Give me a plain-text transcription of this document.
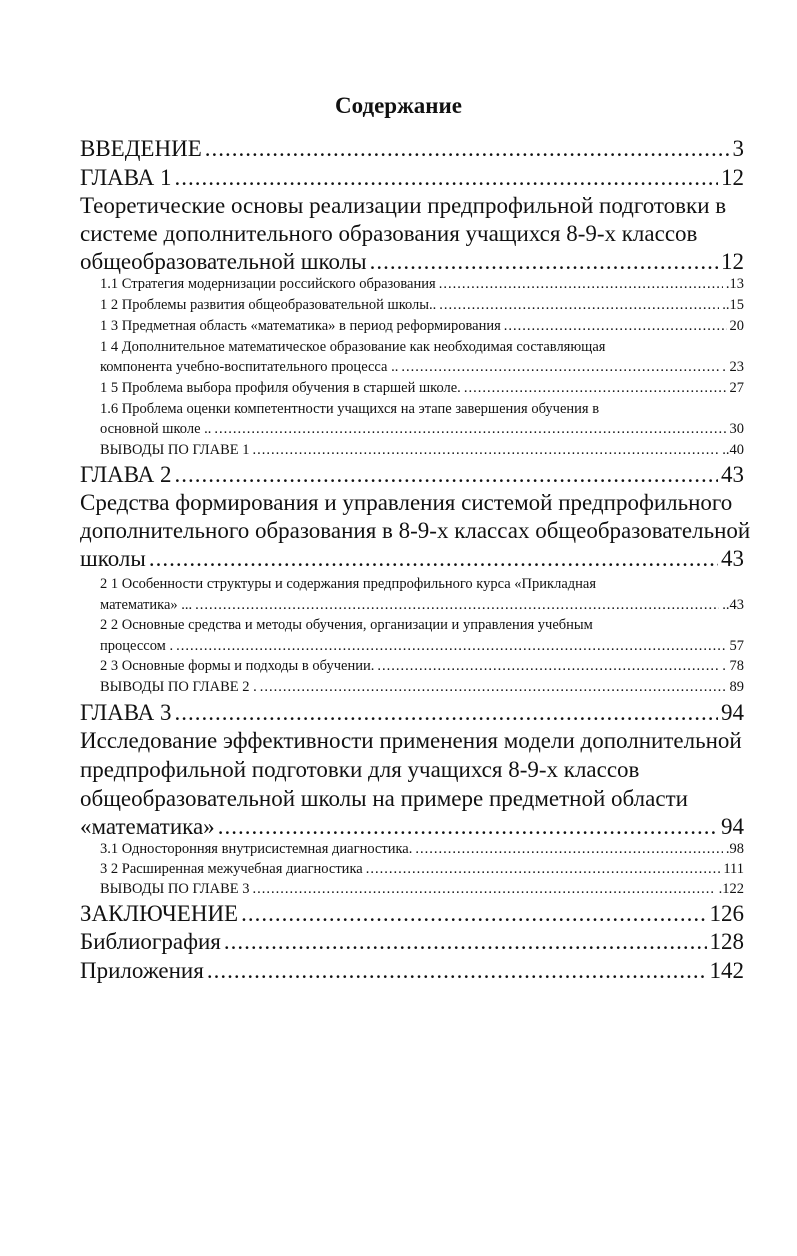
Содержание
ВВЕДЕНИЕ .....	3
ГЛАВА 1 .....	12
Теоретические основы реализации предпрофильной подготовки в
системе дополнительного образования учащихся 8-9-х классов
общеобразовательной школы .....	12
1.1 Стратегия модернизации российского образования .....	.13
1 2 Проблемы развития общеобразовательной школы.. .....	..15
1 3 Предметная область «математика» в период реформирования .....	20
1 4 Дополнительное математическое образование как необходимая составляющая
компонента учебно-воспитательного процесса .. .....	. 23
1 5 Проблема выбора профиля обучения в старшей школе. .....	27
1.6 Проблема оценки компетентности учащихся на этапе завершения обучения в
основной школе .. .....	30
ВЫВОДЫ ПО ГЛАВЕ 1 .....	..40
ГЛАВА 2 .....	43
Средства формирования и управления системой предпрофильного
дополнительного образования в 8-9-х классах общеобразовательной
школы .....	43
2 1 Особенности структуры и содержания предпрофильного курса «Прикладная
математика» ... .....	..43
2 2 Основные средства и методы обучения, организации и управления учебным
процессом . .....	57
2 3 Основные формы и подходы в обучении. .....	. 78
ВЫВОДЫ ПО ГЛАВЕ 2 . .....	89
ГЛАВА 3 .....	94
Исследование эффективности применения модели дополнительной
предпрофильной подготовки для учащихся 8-9-х классов
общеобразовательной школы на примере предметной области
«математика» .....	94
3.1 Односторонняя внутрисистемная диагностика. .....	.98
3 2 Расширенная межучебная диагностика .....	111
ВЫВОДЫ ПО ГЛАВЕ 3 .....	.122
ЗАКЛЮЧЕНИЕ .....	126
Библиография .....	128
Приложения .....	142
